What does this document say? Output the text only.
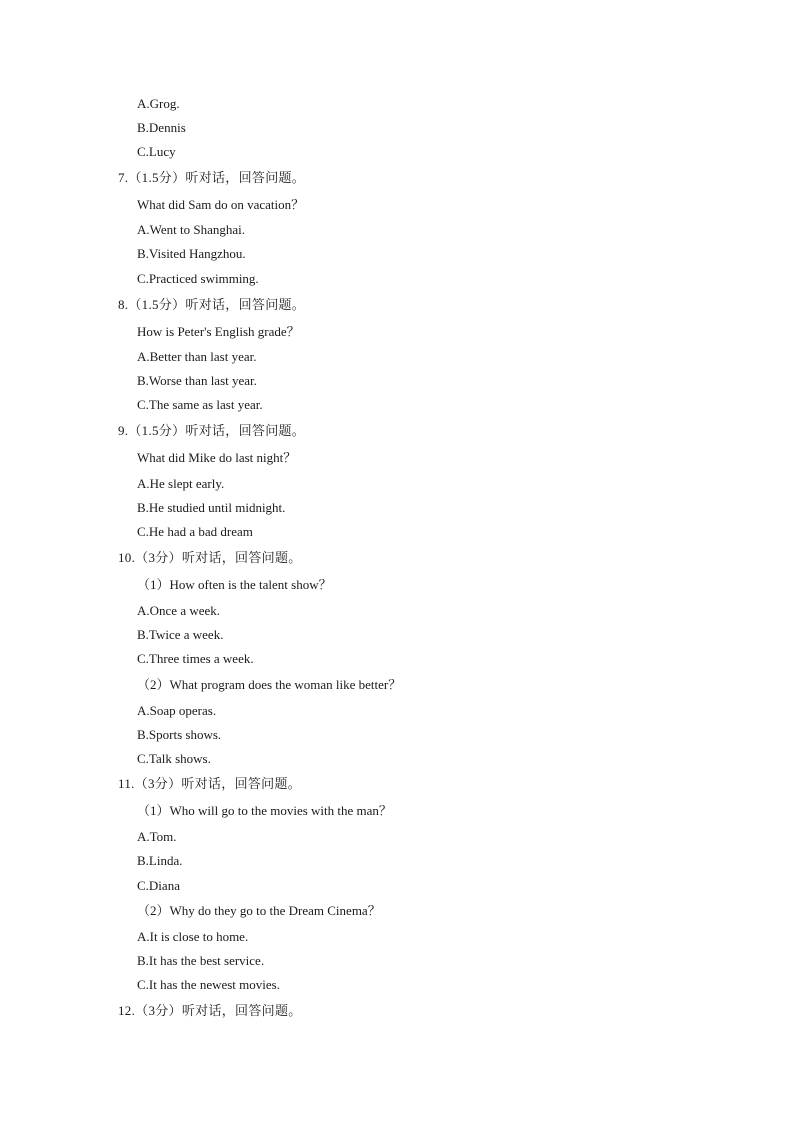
A.Grog.
B.Dennis
C.Lucy
7.（1.5分）听对话，回答问题。
What did Sam do on vacation？
A.Went to Shanghai.
B.Visited Hangzhou.
C.Practiced swimming.
8.（1.5分）听对话，回答问题。
How is Peter's English grade？
A.Better than last year.
B.Worse than last year.
C.The same as last year.
9.（1.5分）听对话，回答问题。
What did Mike do last night？
A.He slept early.
B.He studied until midnight.
C.He had a bad dream
10.（3分）听对话，回答问题。
（1）How often is the talent show？
A.Once a week.
B.Twice a week.
C.Three times a week.
（2）What program does the woman like better？
A.Soap operas.
B.Sports shows.
C.Talk shows.
11.（3分）听对话，回答问题。
（1）Who will go to the movies with the man？
A.Tom.
B.Linda.
C.Diana
（2）Why do they go to the Dream Cinema？
A.It is close to home.
B.It has the best service.
C.It has the newest movies.
12.（3分）听对话，回答问题。
